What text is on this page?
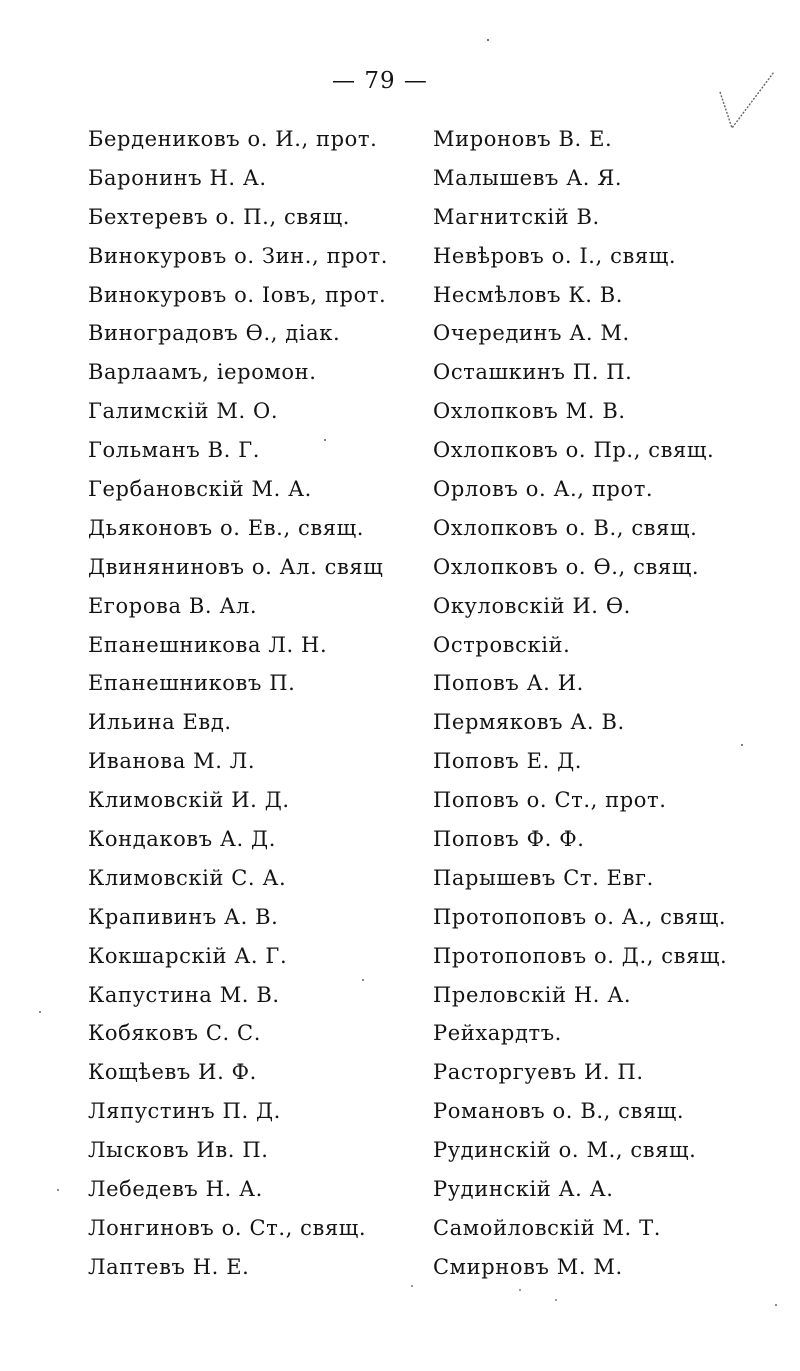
— 79 —
Бердениковъ о. И., прот.
Баронинъ Н. А.
Бехтеревъ о. П., свящ.
Винокуровъ о. Зин., прот.
Винокуровъ о. Іовъ, прот.
Виноградовъ Ѳ., діак.
Варлаамъ, іеромон.
Галимскій М. О.
Гольманъ В. Г.
Гербановскій М. А.
Дьяконовъ о. Ев., свящ.
Двиняниновъ о. Ал. свящ
Егорова В. Ал.
Епанешникова Л. Н.
Епанешниковъ П.
Ильина Евд.
Иванова М. Л.
Климовскій И. Д.
Кондаковъ А. Д.
Климовскій С. А.
Крапивинъ А. В.
Кокшарскій А. Г.
Капустина М. В.
Кобяковъ С. С.
Кощѣевъ И. Ф.
Ляпустинъ П. Д.
Лысковъ Ив. П.
Лебедевъ Н. А.
Лонгиновъ о. Ст., свящ.
Лаптевъ Н. Е.
Мироновъ В. Е.
Малышевъ А. Я.
Магнитскій В.
Невѣровъ о. І., свящ.
Несмѣловъ К. В.
Очерединъ А. М.
Осташкинъ П. П.
Охлопковъ М. В.
Охлопковъ о. Пр., свящ.
Орловъ о. А., прот.
Охлопковъ о. В., свящ.
Охлопковъ о. Ѳ., свящ.
Окуловскій И. Ѳ.
Островскій.
Поповъ А. И.
Пермяковъ А. В.
Поповъ Е. Д.
Поповъ о. Ст., прот.
Поповъ Ф. Ф.
Парышевъ Ст. Евг.
Протопоповъ о. А., свящ.
Протопоповъ о. Д., свящ.
Преловскій Н. А.
Рейхардтъ.
Расторгуевъ И. П.
Романовъ о. В., свящ.
Рудинскій о. М., свящ.
Рудинскій А. А.
Самойловскій М. Т.
Смирновъ М. М.
